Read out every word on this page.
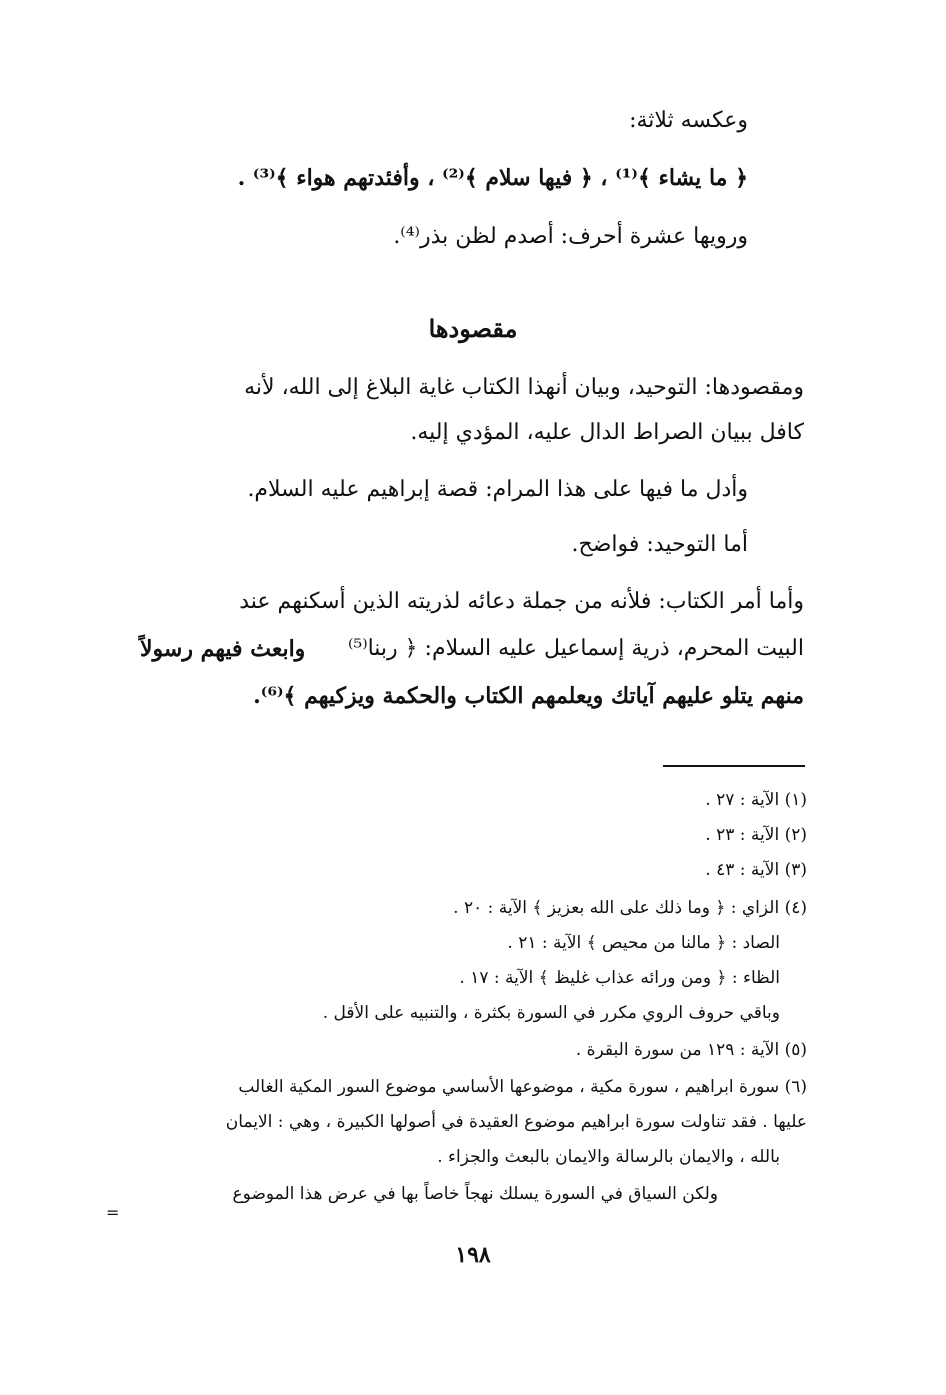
وعكسه ثلاثة:

﴿ ما يشاء ﴾⁽¹⁾ ، ﴿ فيها سلام ﴾⁽²⁾ ، وأفئدتهم هواء ﴾⁽³⁾ .

ورويها عشرة أحرف: أصدم لظن بذر⁽⁴⁾.

مقصودها

ومقصودها: التوحيد، وبيان أنهذا الكتاب غاية البلاغ إلى الله، لأنه

كافل ببيان الصراط الدال عليه، المؤدي إليه.

وأدل ما فيها على هذا المرام: قصة إبراهيم عليه السلام.

أما التوحيد: فواضح.

وأما أمر الكتاب: فلأنه من جملة دعائه لذريته الذين أسكنهم عند

البيت المحرم، ذرية إسماعيل عليه السلام: ﴿ ربنا⁽⁵⁾
وابعث فيهم رسولاً

منهم يتلو عليهم آياتك ويعلمهم الكتاب والحكمة ويزكيهم ﴾⁽⁶⁾.

(١) الآية : ٢٧ .

(٢) الآية : ٢٣ .

(٣) الآية : ٤٣ .

(٤) الزاي : ﴿ وما ذلك على الله بعزيز ﴾ الآية : ٢٠ .

الصاد : ﴿ مالنا من محيص ﴾ الآية : ٢١ .

الظاء : ﴿ ومن ورائه عذاب غليظ ﴾ الآية : ١٧ .

وباقي حروف الروي مكرر في السورة بكثرة ، والتنبيه على الأقل .

(٥) الآية : ١٢٩ من سورة البقرة .

(٦) سورة ابراهيم ، سورة مكية ، موضوعها الأساسي موضوع السور المكية الغالب

عليها . فقد تناولت سورة ابراهيم موضوع العقيدة في أصولها الكبيرة ، وهي : الايمان

بالله ، والايمان بالرسالة والايمان بالبعث والجزاء .

ولكن السياق في السورة يسلك نهجاً خاصاً بها في عرض هذا الموضوع

=
١٩٨
